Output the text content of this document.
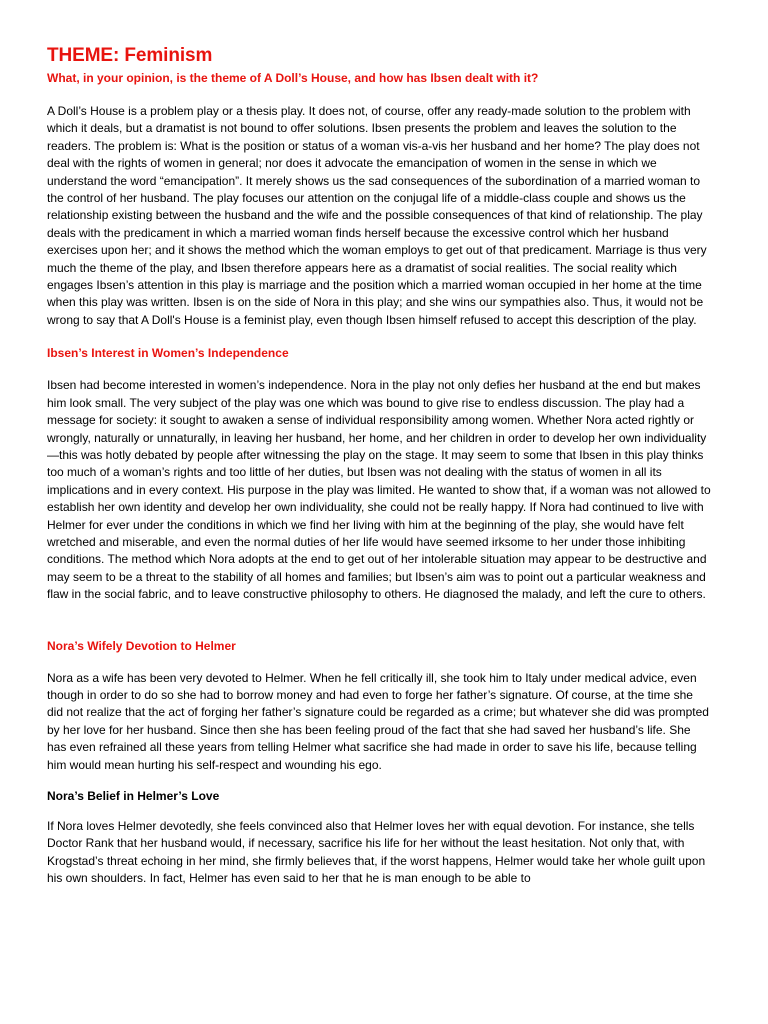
THEME: Feminism

What, in your opinion, is the theme of A Doll’s House, and how has Ibsen dealt with it?

A Doll’s House is a problem play or a thesis play. It does not, of course, offer any ready-made solution to the problem with which it deals, but a dramatist is not bound to offer solutions. Ibsen presents the problem and leaves the solution to the readers. The problem is: What is the position or status of a woman vis-a-vis her husband and her home? The play does not deal with the rights of women in general; nor does it advocate the emancipation of women in the sense in which we understand the word “emancipation”. It merely shows us the sad consequences of the subordination of a married woman to the control of her husband. The play focuses our attention on the conjugal life of a middle-class couple and shows us the relationship existing between the husband and the wife and the possible consequences of that kind of relationship. The play deals with the predicament in which a married woman finds herself because the excessive control which her husband exercises upon her; and it shows the method which the woman employs to get out of that predicament. Marriage is thus very much the theme of the play, and Ibsen therefore appears here as a dramatist of social realities. The social reality which engages Ibsen’s attention in this play is marriage and the position which a married woman occupied in her home at the time when this play was written. Ibsen is on the side of Nora in this play; and she wins our sympathies also. Thus, it would not be wrong to say that A Doll's House is a feminist play, even though Ibsen himself refused to accept this description of the play.

Ibsen’s Interest in Women’s Independence

Ibsen had become interested in women’s independence. Nora in the play not only defies her husband at the end but makes him look small. The very subject of the play was one which was bound to give rise to endless discussion. The play had a message for society: it sought to awaken a sense of individual responsibility among women. Whether Nora acted rightly or wrongly, naturally or unnaturally, in leaving her husband, her home, and her children in order to develop her own individuality—this was hotly debated by people after witnessing the play on the stage. It may seem to some that Ibsen in this play thinks too much of a woman’s rights and too little of her duties, but Ibsen was not dealing with the status of women in all its implications and in every context. His purpose in the play was limited. He wanted to show that, if a woman was not allowed to establish her own identity and develop her own individuality, she could not be really happy. If Nora had continued to live with Helmer for ever under the conditions in which we find her living with him at the beginning of the play, she would have felt wretched and miserable, and even the normal duties of her life would have seemed irksome to her under those inhibiting conditions. The method which Nora adopts at the end to get out of her intolerable situation may appear to be destructive and may seem to be a threat to the stability of all homes and families; but Ibsen’s aim was to point out a particular weakness and flaw in the social fabric, and to leave constructive philosophy to others. He diagnosed the malady, and left the cure to others.

Nora’s Wifely Devotion to Helmer

Nora as a wife has been very devoted to Helmer. When he fell critically ill, she took him to Italy under medical advice, even though in order to do so she had to borrow money and had even to forge her father’s signature. Of course, at the time she did not realize that the act of forging her father’s signature could be regarded as a crime; but whatever she did was prompted by her love for her husband. Since then she has been feeling proud of the fact that she had saved her husband’s life. She has even refrained all these years from telling Helmer what sacrifice she had made in order to save his life, because telling him would mean hurting his self-respect and wounding his ego.

Nora’s Belief in Helmer’s Love

If Nora loves Helmer devotedly, she feels convinced also that Helmer loves her with equal devotion. For instance, she tells Doctor Rank that her husband would, if necessary, sacrifice his life for her without the least hesitation. Not only that, with Krogstad’s threat echoing in her mind, she firmly believes that, if the worst happens, Helmer would take her whole guilt upon his own shoulders. In fact, Helmer has even said to her that he is man enough to be able to
